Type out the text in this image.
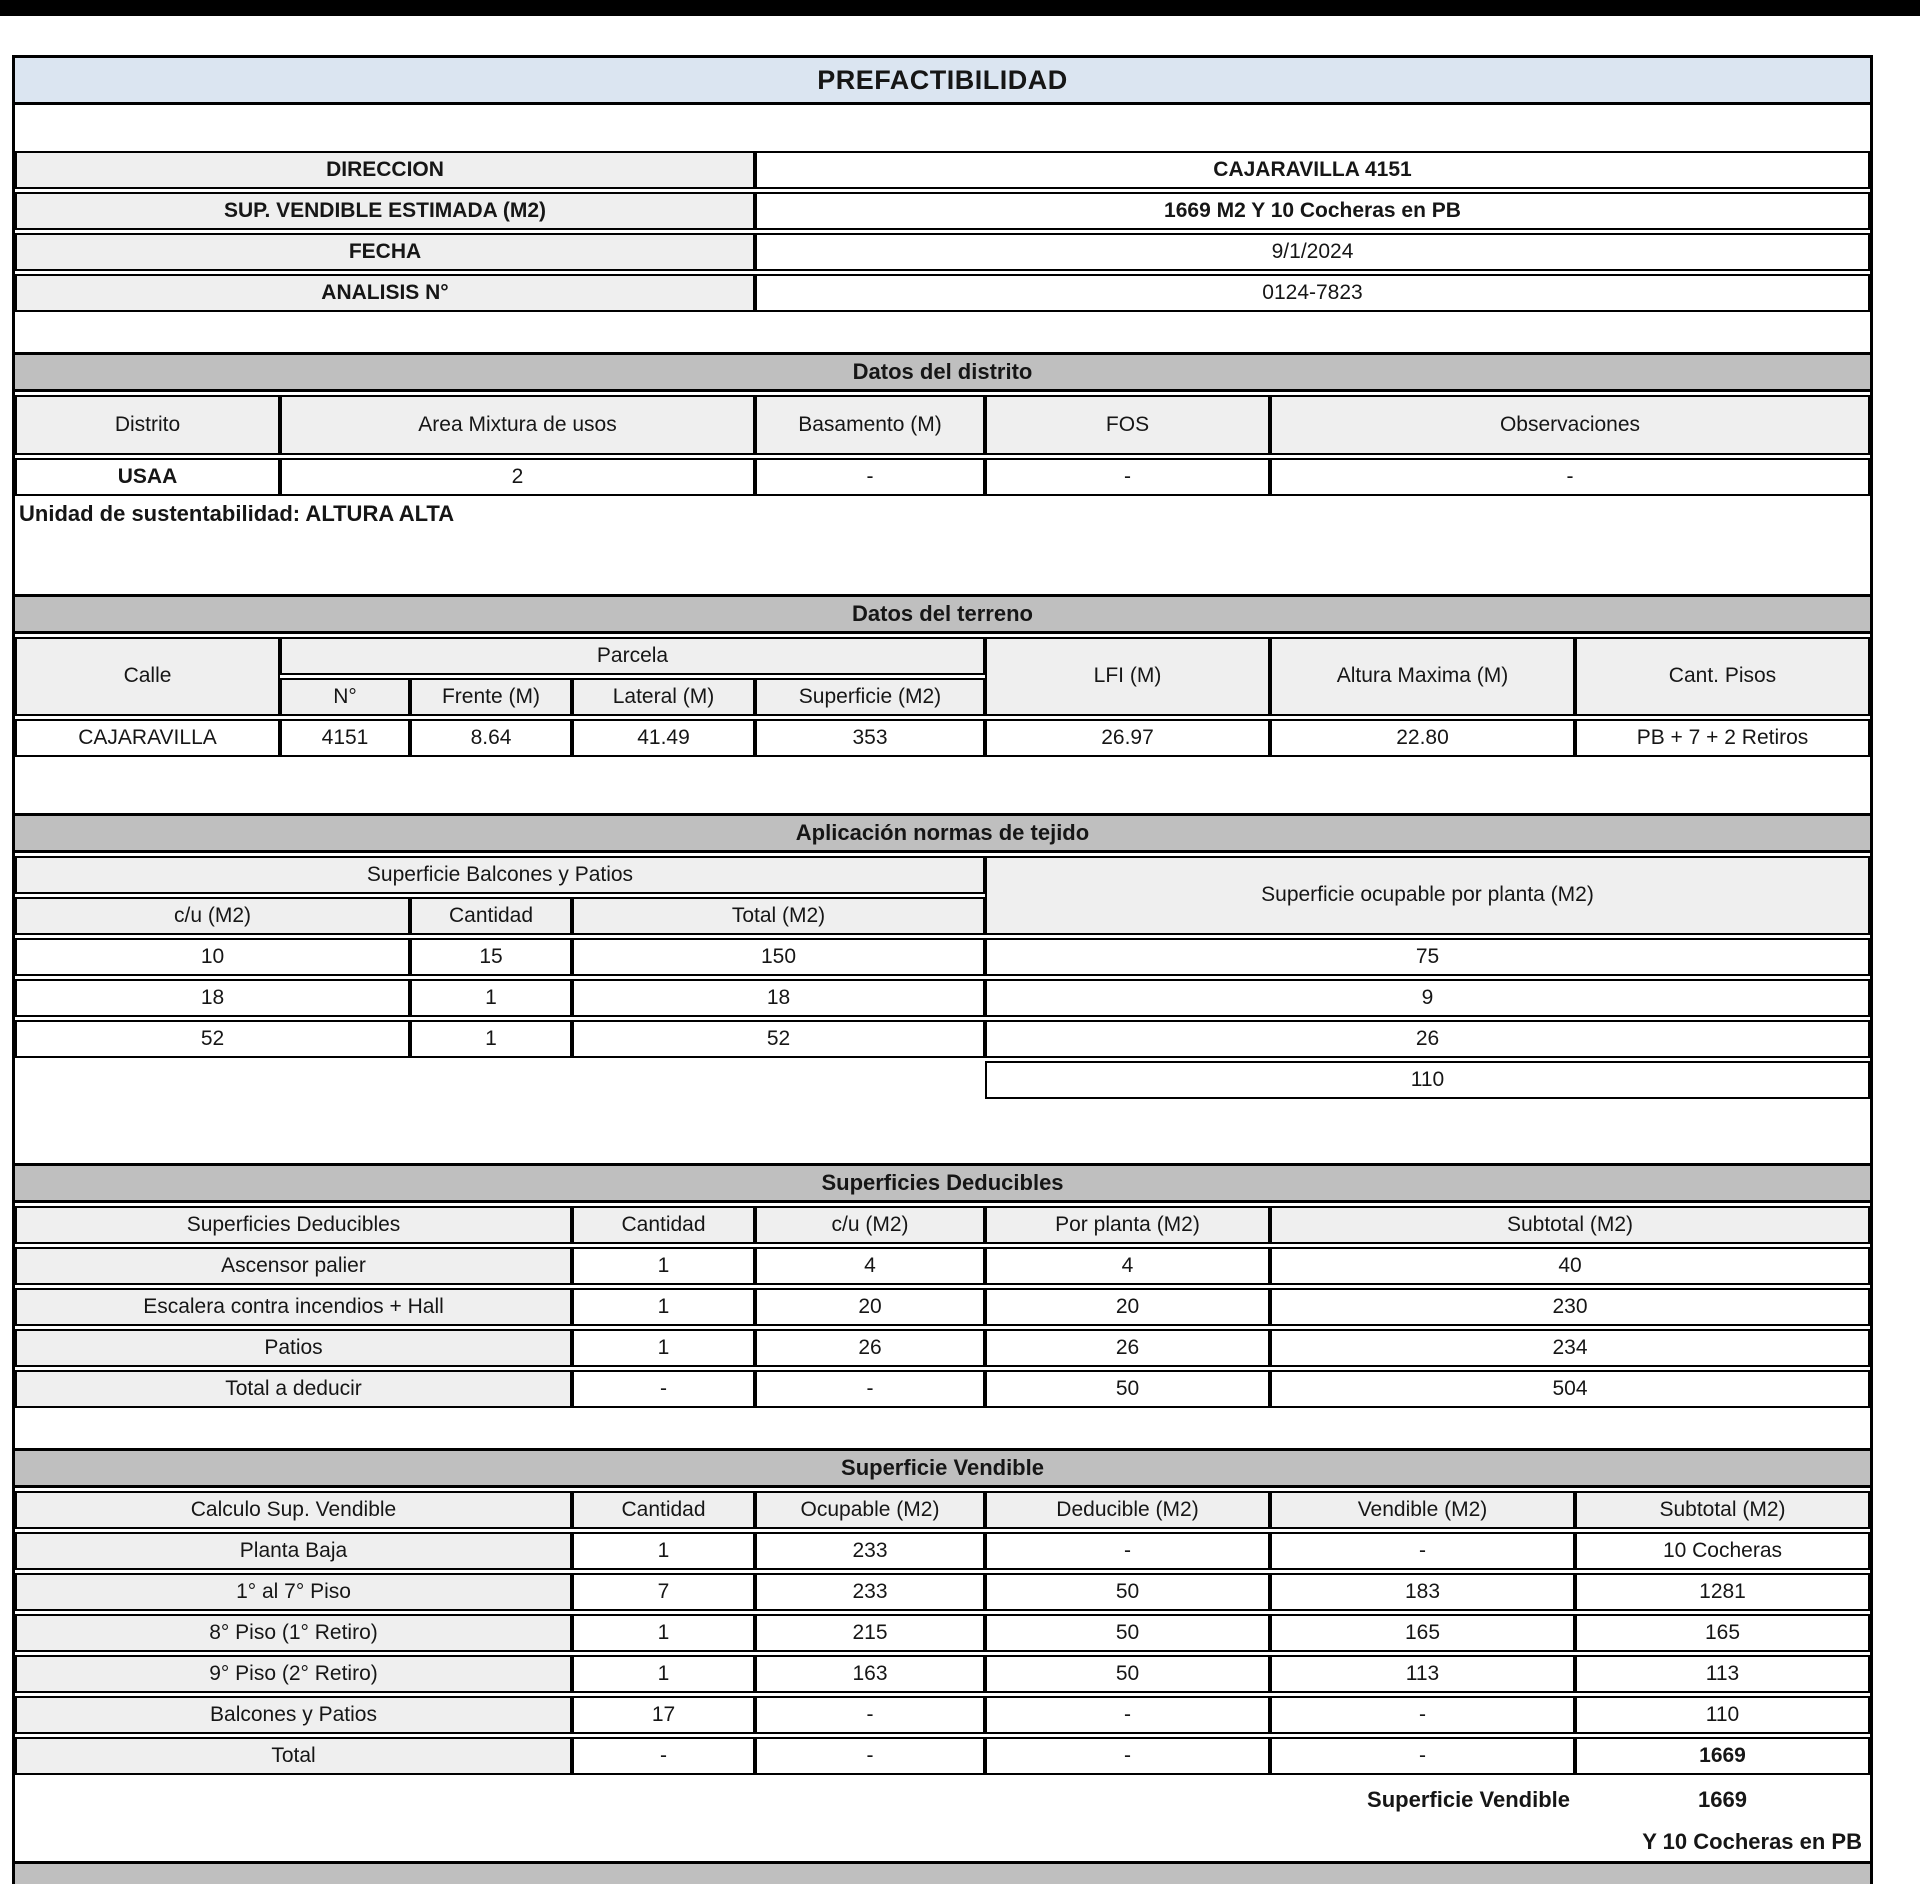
PREFACTIBILIDAD
DIRECCION	CAJARAVILLA 4151
SUP. VENDIBLE ESTIMADA (M2)	1669 M2 Y 10 Cocheras en PB
FECHA	9/1/2024
ANALISIS N°	0124-7823
Datos del distrito
Distrito	Area Mixtura de usos	Basamento (M)	FOS	Observaciones
USAA	2	-	-	-
Unidad de sustentabilidad: ALTURA ALTA
Datos del terreno
Calle
Parcela
LFI (M)	Altura Maxima (M)	Cant. Pisos
N°	Frente (M)	Lateral (M)	Superficie (M2)
CAJARAVILLA	4151	8.64	41.49	353	26.97	22.80	PB + 7 + 2 Retiros
Aplicación normas de tejido
Superficie Balcones y Patios
Superficie ocupable por planta (M2)
c/u (M2)	Cantidad	Total (M2)
10	15	150	75
18	1	18	9
52	1	52	26
110
Superficies Deducibles
Superficies Deducibles	Cantidad	c/u (M2)	Por planta (M2)	Subtotal (M2)
Ascensor palier	1	4	4	40
Escalera contra incendios + Hall	1	20	20	230
Patios	1	26	26	234
Total a deducir	-	-	50	504
Superficie Vendible
Calculo Sup. Vendible	Cantidad	Ocupable (M2)	Deducible (M2)	Vendible (M2)	Subtotal (M2)
Planta Baja	1	233	-	-	10 Cocheras
1° al 7° Piso	7	233	50	183	1281
8° Piso (1° Retiro)	1	215	50	165	165
9° Piso (2° Retiro)	1	163	50	113	113
Balcones y Patios	17	-	-	-	110
Total	-	-	-	-	1669
Superficie Vendible	1669
Y 10 Cocheras en PB
